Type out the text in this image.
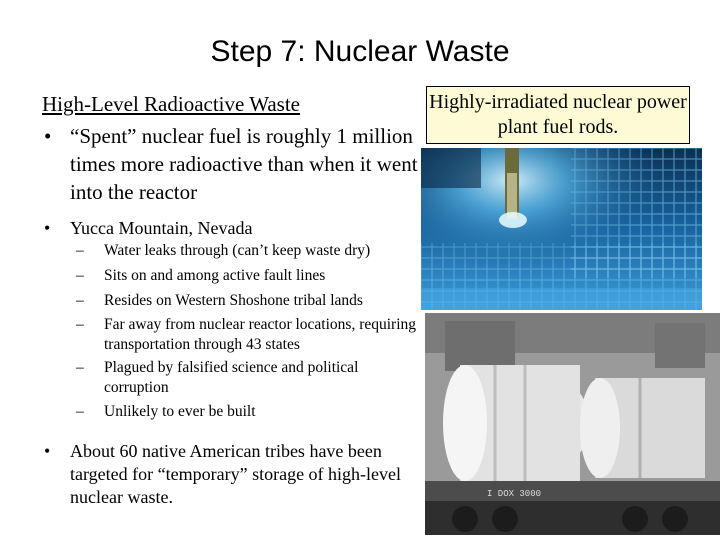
Step 7: Nuclear Waste
High-Level Radioactive Waste
• “Spent” nuclear fuel is roughly 1 million times more radioactive than when it went into the reactor
•	Yucca Mountain, Nevada
–	Water leaks through (can’t keep waste dry)
–	Sits on and among active fault lines
–	Resides on Western Shoshone tribal lands
–	Far away from nuclear reactor locations, requiring transportation through 43 states
–	Plagued by falsified science and political corruption
–	Unlikely to ever be built
•	About 60 native American tribes have been targeted for “temporary” storage of high-level nuclear waste.
Highly-irradiated nuclear power plant fuel rods.
I DOX 3000
